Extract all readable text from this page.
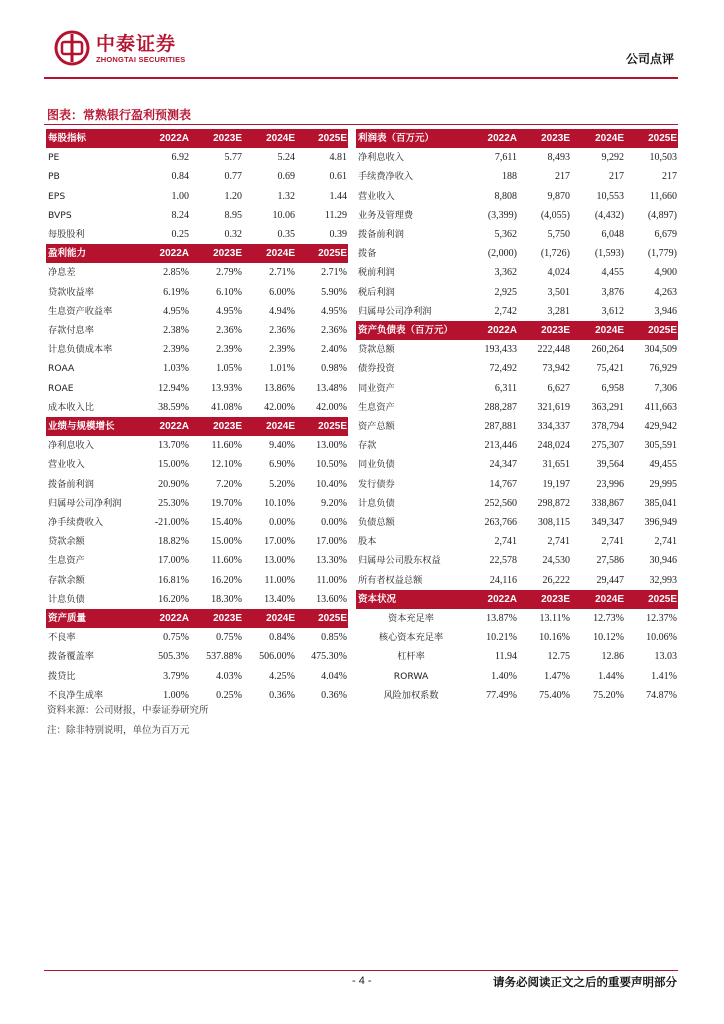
中泰证券
ZHONGTAI SECURITIES	公司点评
图表：常熟银行盈利预测表
每股指标	2022A	2023E	2024E	2025E
PE	6.92	5.77	5.24	4.81
PB	0.84	0.77	0.69	0.61
EPS	1.00	1.20	1.32	1.44
BVPS	8.24	8.95	10.06	11.29
每股股利	0.25	0.32	0.35	0.39
盈利能力	2022A	2023E	2024E	2025E
净息差	2.85%	2.79%	2.71%	2.71%
贷款收益率	6.19%	6.10%	6.00%	5.90%
生息资产收益率	4.95%	4.95%	4.94%	4.95%
存款付息率	2.38%	2.36%	2.36%	2.36%
计息负债成本率	2.39%	2.39%	2.39%	2.40%
ROAA	1.03%	1.05%	1.01%	0.98%
ROAE	12.94%	13.93%	13.86%	13.48%
成本收入比	38.59%	41.08%	42.00%	42.00%
业绩与规模增长	2022A	2023E	2024E	2025E
净利息收入	13.70%	11.60%	9.40%	13.00%
营业收入	15.00%	12.10%	6.90%	10.50%
拨备前利润	20.90%	7.20%	5.20%	10.40%
归属母公司净利润	25.30%	19.70%	10.10%	9.20%
净手续费收入	-21.00%	15.40%	0.00%	0.00%
贷款余额	18.82%	15.00%	17.00%	17.00%
生息资产	17.00%	11.60%	13.00%	13.30%
存款余额	16.81%	16.20%	11.00%	11.00%
计息负债	16.20%	18.30%	13.40%	13.60%
资产质量	2022A	2023E	2024E	2025E
不良率	0.75%	0.75%	0.84%	0.85%
拨备覆盖率	505.3%	537.88%	506.00%	475.30%
拨贷比	3.79%	4.03%	4.25%	4.04%
不良净生成率	1.00%	0.25%	0.36%	0.36%
利润表（百万元）	2022A	2023E	2024E	2025E
净利息收入	7,611	8,493	9,292	10,503
手续费净收入	188	217	217	217
营业收入	8,808	9,870	10,553	11,660
业务及管理费	(3,399)	(4,055)	(4,432)	(4,897)
拨备前利润	5,362	5,750	6,048	6,679
拨备	(2,000)	(1,726)	(1,593)	(1,779)
税前利润	3,362	4,024	4,455	4,900
税后利润	2,925	3,501	3,876	4,263
归属母公司净利润	2,742	3,281	3,612	3,946
资产负债表（百万元）	2022A	2023E	2024E	2025E
贷款总额	193,433	222,448	260,264	304,509
债券投资	72,492	73,942	75,421	76,929
同业资产	6,311	6,627	6,958	7,306
生息资产	288,287	321,619	363,291	411,663
资产总额	287,881	334,337	378,794	429,942
存款	213,446	248,024	275,307	305,591
同业负债	24,347	31,651	39,564	49,455
发行债券	14,767	19,197	23,996	29,995
计息负债	252,560	298,872	338,867	385,041
负债总额	263,766	308,115	349,347	396,949
股本	2,741	2,741	2,741	2,741
归属母公司股东权益	22,578	24,530	27,586	30,946
所有者权益总额	24,116	26,222	29,447	32,993
资本状况	2022A	2023E	2024E	2025E
资本充足率	13.87%	13.11%	12.73%	12.37%
核心资本充足率	10.21%	10.16%	10.12%	10.06%
杠杆率	11.94	12.75	12.86	13.03
RORWA	1.40%	1.47%	1.44%	1.41%
风险加权系数	77.49%	75.40%	75.20%	74.87%
资料来源：公司财报，中泰证券研究所
注：除非特别说明，单位为百万元
- 4 -	请务必阅读正文之后的重要声明部分
